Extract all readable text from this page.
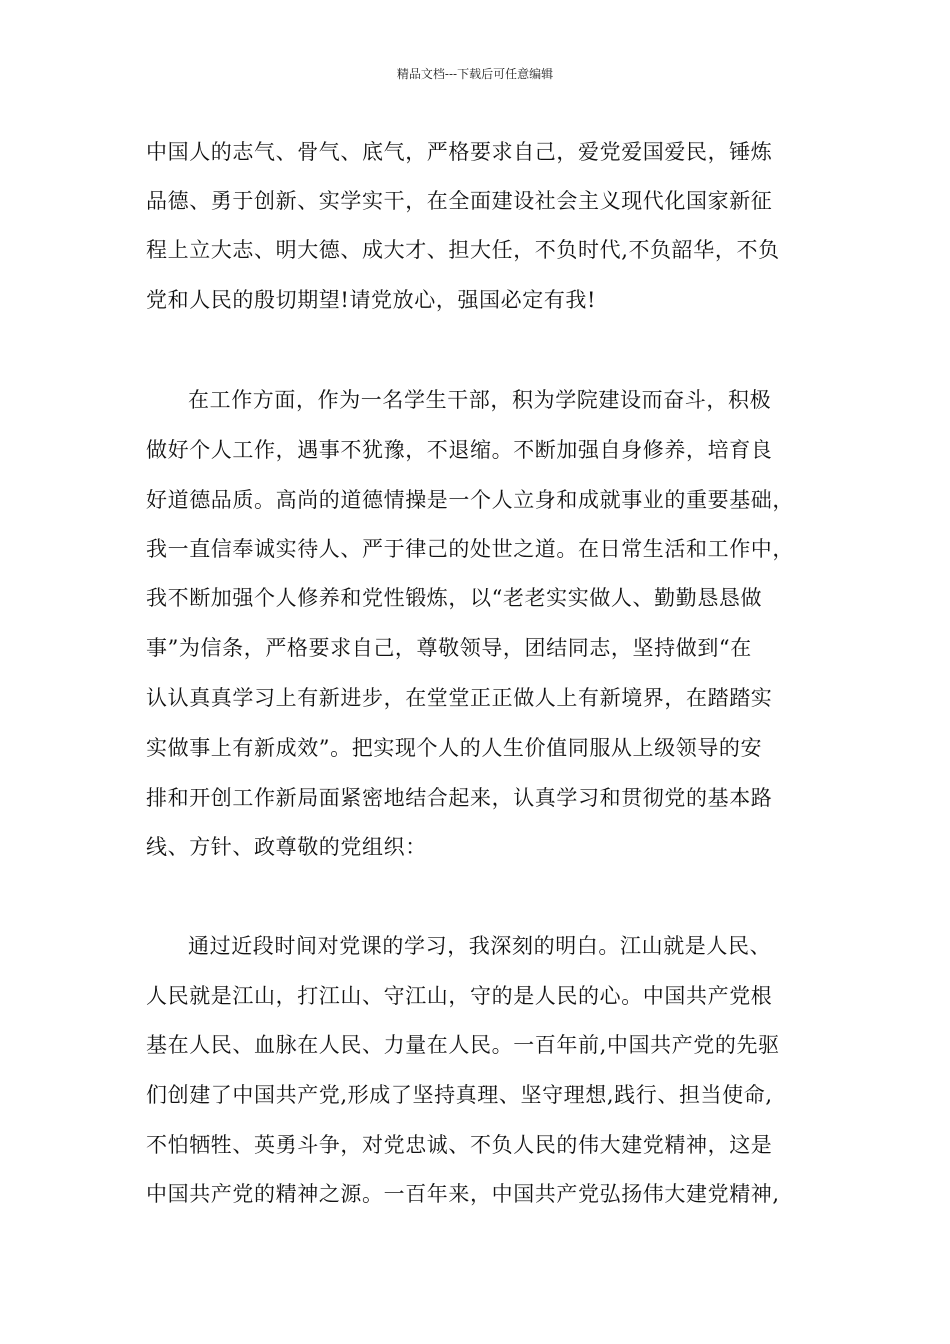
精品文档---下载后可任意编辑
中国人的志气、骨气、底气，严格要求自己，爱党爱国爱民，锤炼
品德、勇于创新、实学实干，在全面建设社会主义现代化国家新征
程上立大志、明大德、成大才、担大任，不负时代,不负韶华，不负
党和人民的殷切期望!请党放心，强国必定有我!
在工作方面，作为一名学生干部，积为学院建设而奋斗，积极
做好个人工作，遇事不犹豫，不退缩。不断加强自身修养，培育良
好道德品质。高尚的道德情操是一个人立身和成就事业的重要基础，
我一直信奉诚实待人、严于律己的处世之道。在日常生活和工作中，
我不断加强个人修养和党性锻炼，以“老老实实做人、勤勤恳恳做
事”为信条，严格要求自己，尊敬领导，团结同志，坚持做到“在
认认真真学习上有新进步，在堂堂正正做人上有新境界，在踏踏实
实做事上有新成效”。把实现个人的人生价值同服从上级领导的安
排和开创工作新局面紧密地结合起来，认真学习和贯彻党的基本路
线、方针、政尊敬的党组织：
通过近段时间对党课的学习，我深刻的明白。江山就是人民、
人民就是江山，打江山、守江山，守的是人民的心。中国共产党根
基在人民、血脉在人民、力量在人民。一百年前,中国共产党的先驱
们创建了中国共产党,形成了坚持真理、坚守理想,践行、担当使命,
不怕牺牲、英勇斗争，对党忠诚、不负人民的伟大建党精神，这是
中国共产党的精神之源。一百年来，中国共产党弘扬伟大建党精神,
